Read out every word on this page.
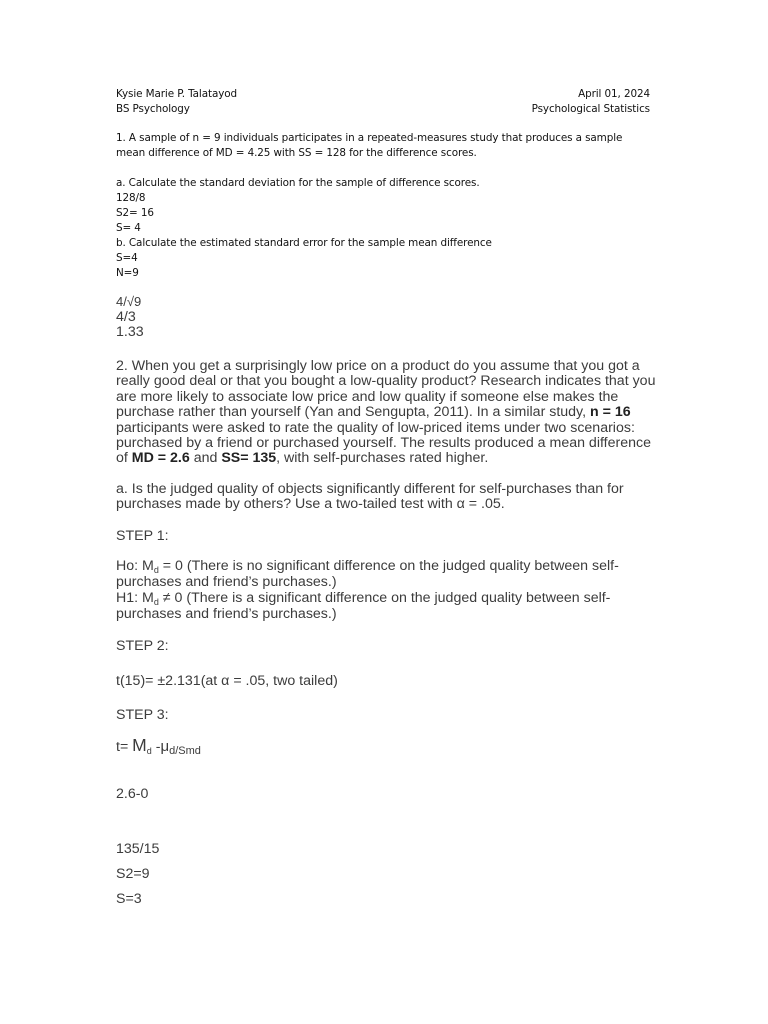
Kysie Marie P. Talatayod
BS Psychology
April 01, 2024
Psychological Statistics

1. A sample of n = 9 individuals participates in a repeated-measures study that produces a sample

mean difference of MD = 4.25 with SS = 128 for the difference scores.

a. Calculate the standard deviation for the sample of difference scores.

128/8

S2= 16

S= 4

b. Calculate the estimated standard error for the sample mean difference

S=4

N=9

4/√9
4/3
1.33

2. When you get a surprisingly low price on a product do you assume that you got a really good deal or that you bought a low-quality product? Research indicates that you are more likely to associate low price and low quality if someone else makes the purchase rather than yourself (Yan and Sengupta, 2011). In a similar study, n = 16 participants were asked to rate the quality of low-priced items under two scenarios: purchased by a friend or purchased yourself. The results produced a mean difference of MD = 2.6 and SS= 135, with self-purchases rated higher.

a. Is the judged quality of objects significantly different for self-purchases than for purchases made by others? Use a two-tailed test with α = .05.

STEP 1:

Ho: $M_d = 0$ (There is no significant difference on the judged quality between self-purchases and friend’s purchases.)

H1: $M_d \ne 0$ (There is a significant difference on the judged quality between self-purchases and friend’s purchases.)

STEP 2:

t(15)= ±2.131(at α = .05, two tailed)

STEP 3:

$t= M_d$ $-\mu_{d/Smd}$
2.6-0
135/15
S2=9
S=3
